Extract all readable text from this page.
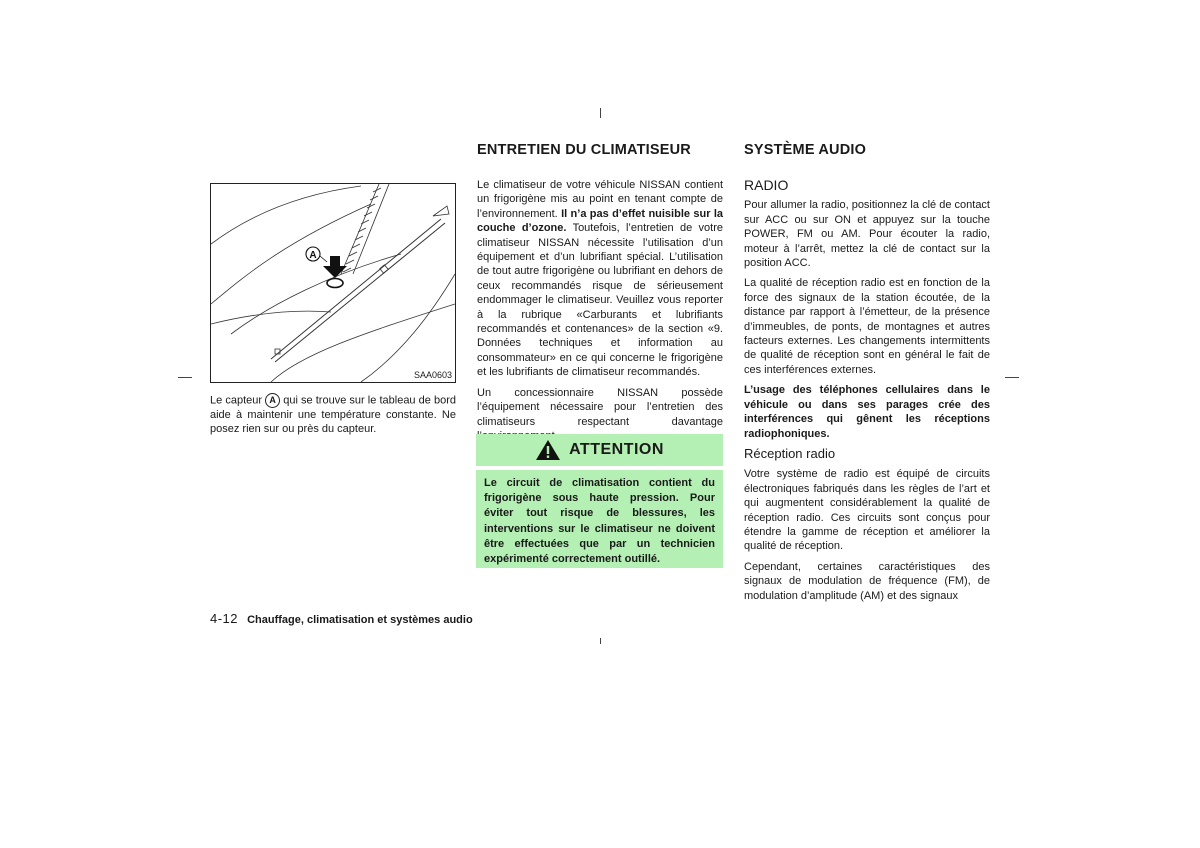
A
SAA0603
Le capteur A qui se trouve sur le tableau de bord aide à maintenir une température constante. Ne posez rien sur ou près du capteur.
ENTRETIEN DU CLIMATISEUR

Le climatiseur de votre véhicule NISSAN contient un frigorigène mis au point en tenant compte de l’environnement. Il n’a pas d’effet nuisible sur la couche d’ozone. Toutefois, l’entretien de votre climatiseur NISSAN nécessite l’utilisation d’un équipement et d’un lubrifiant spécial. L’utilisation de tout autre frigorigène ou lubrifiant en dehors de ceux recommandés risque de sérieusement endommager le climatiseur. Veuillez vous reporter à la rubrique «Carburants et lubrifiants recommandés et contenances» de la section «9. Données techniques et information au consommateur» en ce qui concerne le frigorigène et les lubrifiants de climatiseur recommandés.

Un concessionnaire NISSAN possède l’équipement nécessaire pour l’entretien des climatiseurs respectant davantage

ATTENTION
Le circuit de climatisation contient du frigorigène sous haute pression. Pour éviter tout risque de blessures, les interventions sur le climatiseur ne doivent être effectuées que par un technicien expérimenté correctement outillé.
SYSTÈME AUDIO
RADIO

Pour allumer la radio, positionnez la clé de contact sur ACC ou sur ON et appuyez sur la touche POWER, FM ou AM. Pour écouter la radio, moteur à l’arrêt, mettez la clé de contact sur la position ACC.

La qualité de réception radio est en fonction de la force des signaux de la station écoutée, de la distance par rapport à l’émetteur, de la présence d’immeubles, de ponts, de montagnes et autres facteurs externes. Les changements intermittents de qualité de réception sont en général le fait de ces interférences externes.

L’usage des téléphones cellulaires dans le véhicule ou dans ses parages crée des interférences qui gênent les réceptions radiophoniques.

Réception radio

Votre système de radio est équipé de circuits électroniques fabriqués dans les règles de l’art et qui augmentent considérablement la qualité de réception radio. Ces circuits sont conçus pour étendre la gamme de réception et améliorer la qualité de réception.

Cependant, certaines caractéristiques des signaux de modulation de fréquence (FM), de modulation d’amplitude (AM) et des signaux

4-12 Chauffage, climatisation et systèmes audio
